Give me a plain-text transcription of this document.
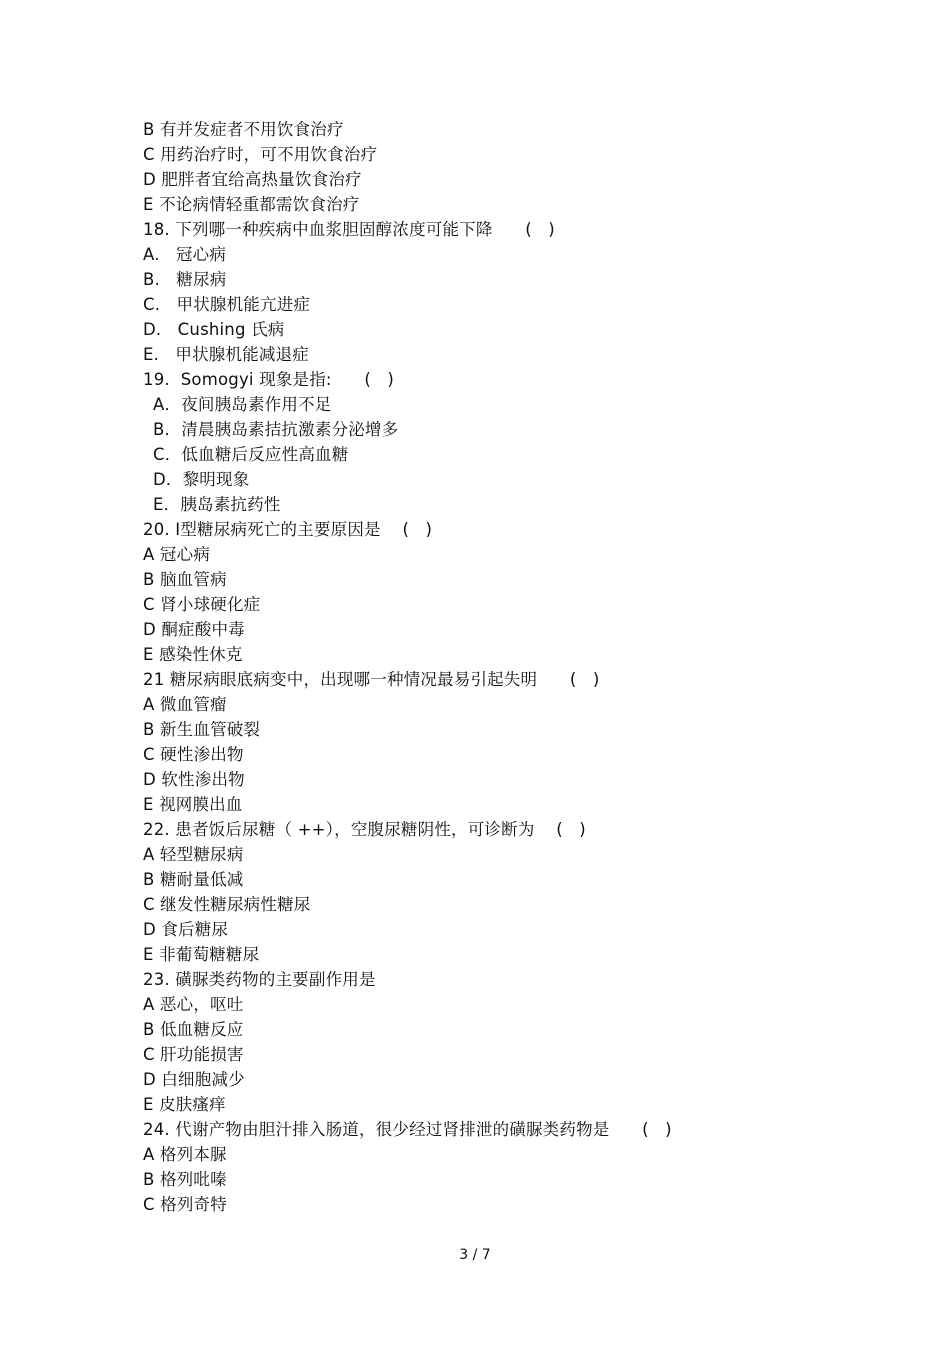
B 有并发症者不用饮食治疗
C 用药治疗时，可不用饮食治疗
D 肥胖者宜给高热量饮食治疗
E 不论病情轻重都需饮食治疗
18. 下列哪一种疾病中血浆胆固醇浓度可能下降      (   )
A.   冠心病
B.   糖尿病
C.   甲状腺机能亢进症
D.   Cushing 氏病
E.   甲状腺机能减退症
19.  Somogyi 现象是指:      (   )
A．夜间胰岛素作用不足
B．清晨胰岛素拮抗激素分泌增多
C．低血糖后反应性高血糖
D．黎明现象
E．胰岛素抗药性
20. Ⅰ型糖尿病死亡的主要原因是    (   )
A 冠心病
B 脑血管病
C 肾小球硬化症
D 酮症酸中毒
E 感染性休克
21 糖尿病眼底病变中，出现哪一种情况最易引起失明      (   )
A 微血管瘤
B 新生血管破裂
C 硬性渗出物
D 软性渗出物
E 视网膜出血
22. 患者饭后尿糖（ ++），空腹尿糖阴性，可诊断为    (   )
A 轻型糖尿病
B 糖耐量低减
C 继发性糖尿病性糖尿
D 食后糖尿
E 非葡萄糖糖尿
23. 磺脲类药物的主要副作用是
A 恶心，呕吐
B 低血糖反应
C 肝功能损害
D 白细胞减少
E 皮肤瘙痒
24. 代谢产物由胆汁排入肠道，很少经过肾排泄的磺脲类药物是      (   )
A 格列本脲
B 格列吡嗪
C 格列奇特
3 / 7
